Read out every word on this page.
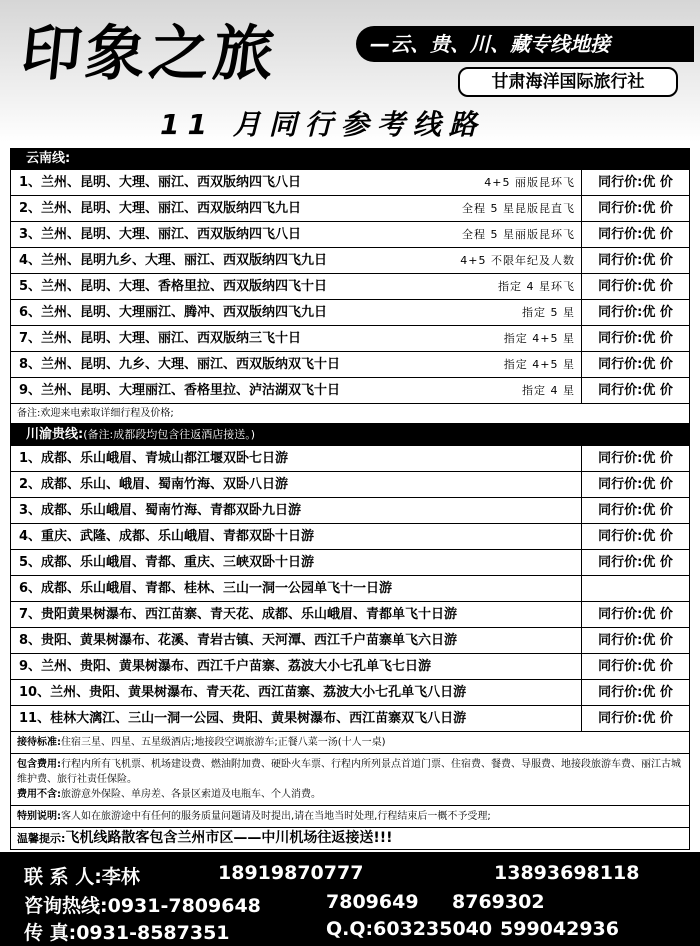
印象之旅	—云、贵、川、藏专线地接
甘肃海洋国际旅行社
11 月同行参考线路
云南线:
1、兰州、昆明、大理、丽江、西双版纳四飞八日	4+5 丽版昆环飞	同行价:优 价
2、兰州、昆明、大理、丽江、西双版纳四飞九日	全程 5 星昆版昆直飞	同行价:优 价
3、兰州、昆明、大理、丽江、西双版纳四飞八日	全程 5 星丽版昆环飞	同行价:优 价
4、兰州、昆明九乡、大理、丽江、西双版纳四飞九日	4+5 不限年纪及人数	同行价:优 价
5、兰州、昆明、大理、香格里拉、西双版纳四飞十日	指定 4 星环飞	同行价:优 价
6、兰州、昆明、大理丽江、腾冲、西双版纳四飞九日	指定 5 星	同行价:优 价
7、兰州、昆明、大理、丽江、西双版纳三飞十日	指定 4+5 星	同行价:优 价
8、兰州、昆明、九乡、大理、丽江、西双版纳双飞十日	指定 4+5 星	同行价:优 价
9、兰州、昆明、大理丽江、香格里拉、泸沽湖双飞十日	指定 4 星	同行价:优 价
备注:欢迎来电索取详细行程及价格;
川渝贵线:(备注:成都段均包含往返酒店接送。)
1、成都、乐山峨眉、青城山都江堰双卧七日游	同行价:优 价
2、成都、乐山、峨眉、蜀南竹海、双卧八日游	同行价:优 价
3、成都、乐山峨眉、蜀南竹海、青都双卧九日游	同行价:优 价
4、重庆、武隆、成都、乐山峨眉、青都双卧十日游	同行价:优 价
5、成都、乐山峨眉、青都、重庆、三峡双卧十日游	同行价:优 价
6、成都、乐山峨眉、青都、桂林、三山一洞一公园单飞十一日游
7、贵阳黄果树瀑布、西江苗寨、青天花、成都、乐山峨眉、青都单飞十日游	同行价:优 价
8、贵阳、黄果树瀑布、花溪、青岩古镇、天河潭、西江千户苗寨单飞六日游	同行价:优 价
9、兰州、贵阳、黄果树瀑布、西江千户苗寨、荔波大小七孔单飞七日游	同行价:优 价
10、兰州、贵阳、黄果树瀑布、青天花、西江苗寨、荔波大小七孔单飞八日游	同行价:优 价
11、桂林大漓江、三山一洞一公园、贵阳、黄果树瀑布、西江苗寨双飞八日游	同行价:优 价
接待标准:住宿三星、四星、五星级酒店;地接段空调旅游车;正餐八菜一汤(十人一桌)
包含费用:行程内所有飞机票、机场建设费、燃油附加费、硬卧火车票、行程内所列景点首道门票、住宿费、餐费、导服费、地接段旅游车费、丽江古城维护费、旅行社责任保险。
费用不含:旅游意外保险、单房差、各景区索道及电瓶车、个人消费。
特别说明:客人如在旅游途中有任何的服务质量问题请及时提出,请在当地当时处理,行程结束后一概不予受理;
温馨提示:飞机线路散客包含兰州市区——中川机场往返接送!!!
联 系 人:李林	18919870777	13893698118
咨询热线:0931-7809648	7809649 8769302
传 真:0931-8587351	Q.Q:603235040 599042936
